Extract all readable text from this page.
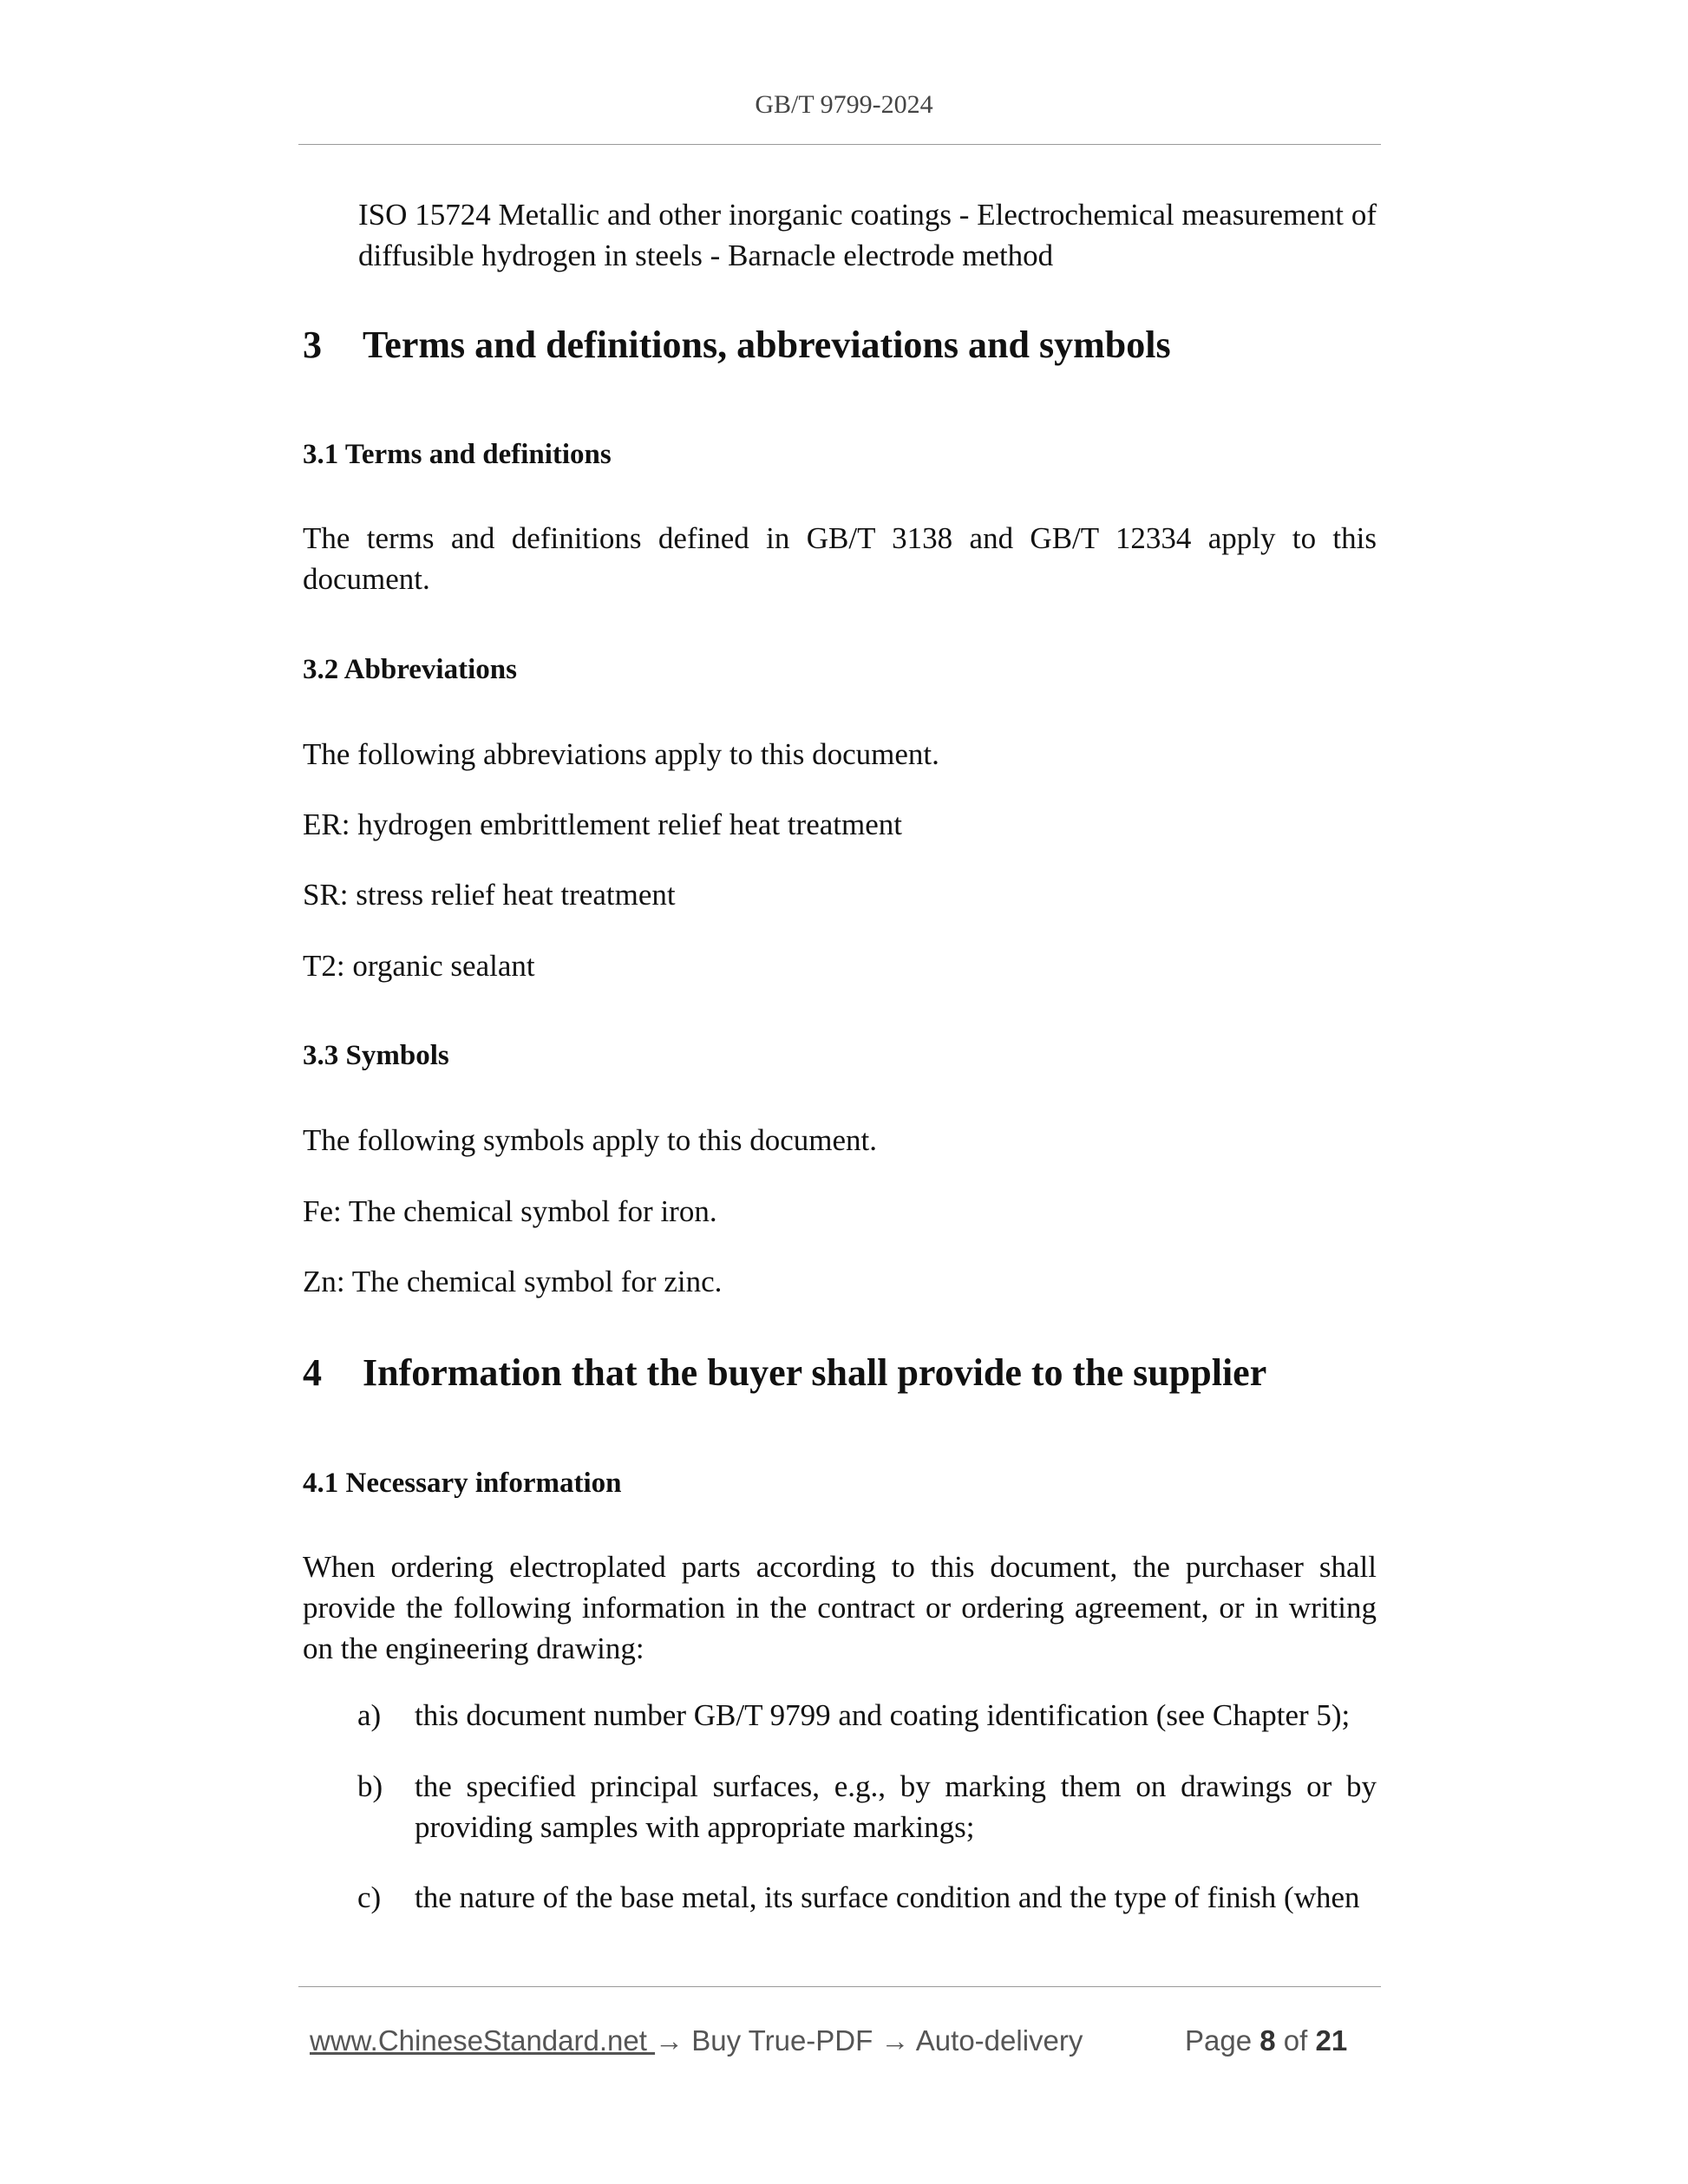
GB/T 9799-2024

ISO 15724 Metallic and other inorganic coatings - Electrochemical measurement of diffusible hydrogen in steels - Barnacle electrode method

3 Terms and definitions, abbreviations and symbols
3.1 Terms and definitions

The terms and definitions defined in GB/T 3138 and GB/T 12334 apply to this document.

3.2 Abbreviations
The following abbreviations apply to this document.
ER: hydrogen embrittlement relief heat treatment
SR: stress relief heat treatment
T2: organic sealant
3.3 Symbols
The following symbols apply to this document.
Fe: The chemical symbol for iron.
Zn: The chemical symbol for zinc.
4 Information that the buyer shall provide to the supplier
4.1 Necessary information

When ordering electroplated parts according to this document, the purchaser shall provide the following information in the contract or ordering agreement, or in writing on the engineering drawing:

a) this document number GB/T 9799 and coating identification (see Chapter 5);
b) the specified principal surfaces, e.g., by marking them on drawings or by providing samples with appropriate markings;
c) the nature of the base metal, its surface condition and the type of finish (when
www.ChineseStandard.net → Buy True-PDF → Auto-delivery	Page 8 of 21
